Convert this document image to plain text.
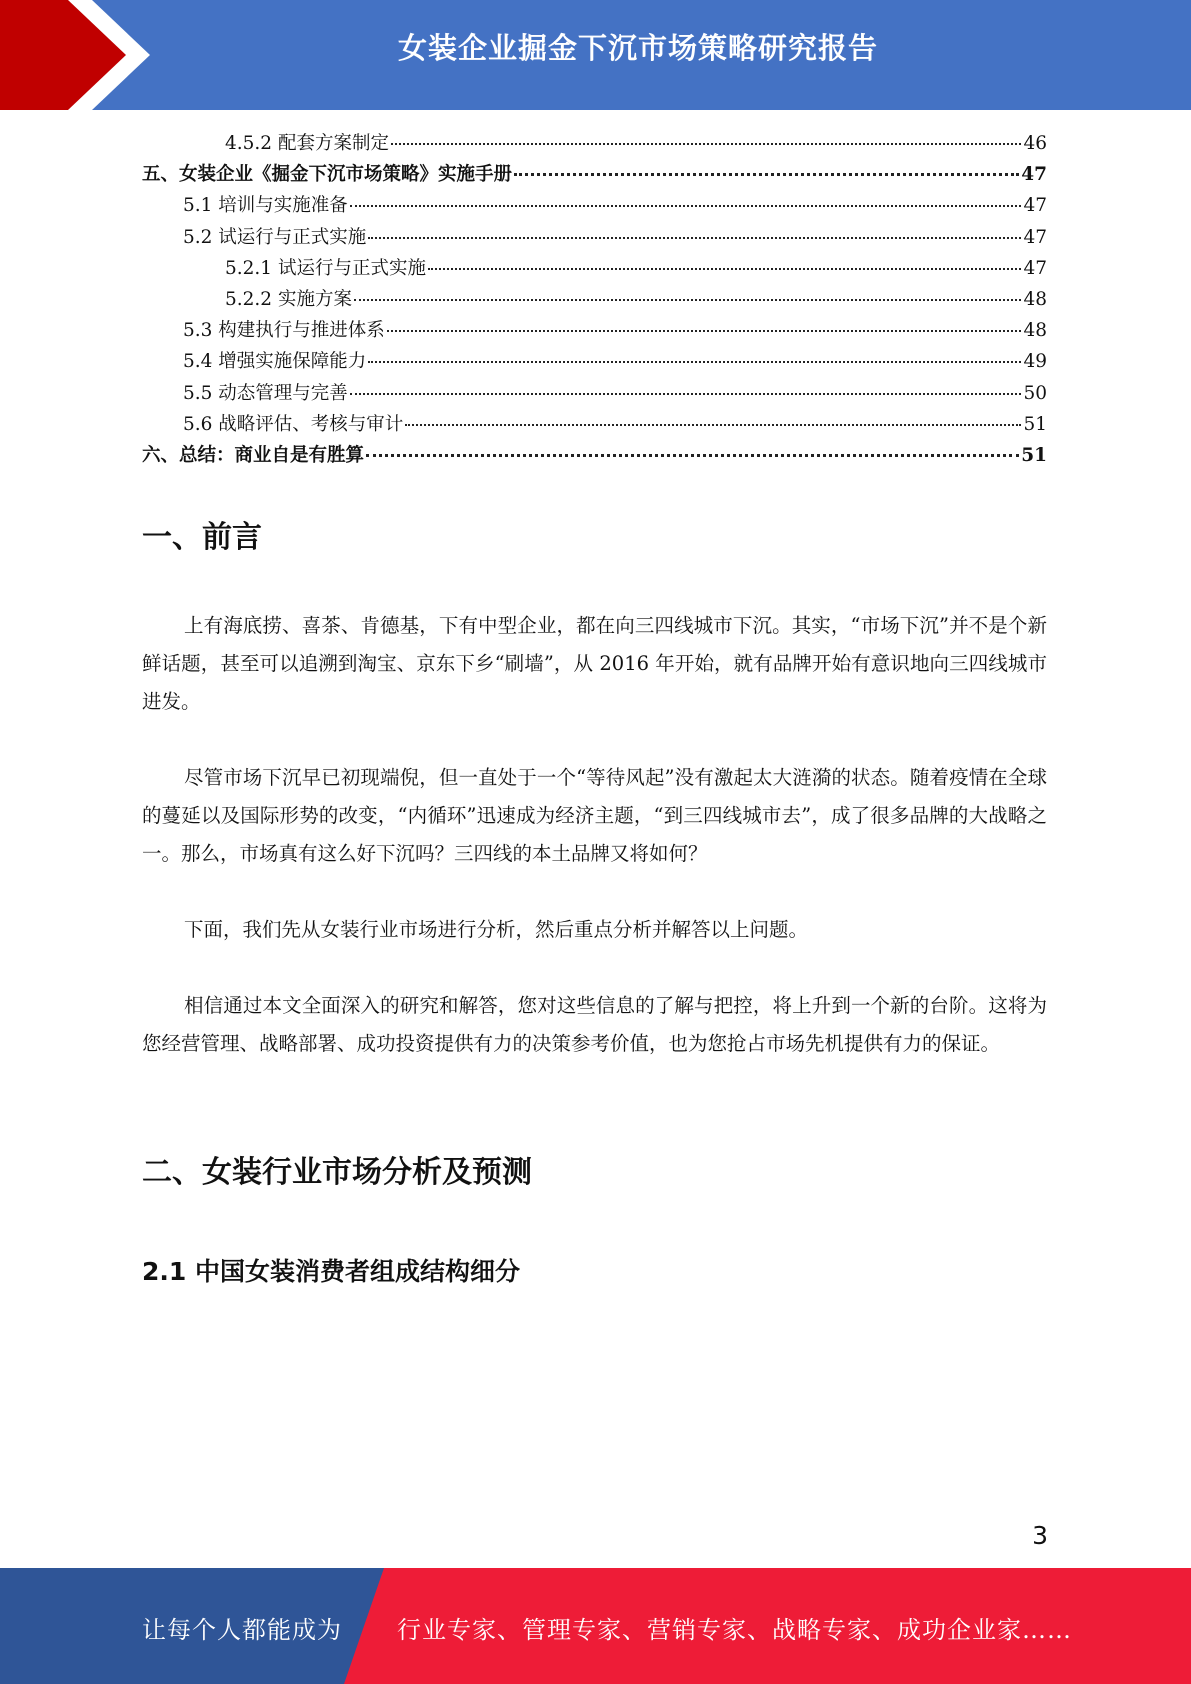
女装企业掘金下沉市场策略研究报告
4.5.2 配套方案制定	46
五、女装企业《掘金下沉市场策略》实施手册	47
5.1 培训与实施准备	47
5.2 试运行与正式实施	47
5.2.1 试运行与正式实施	47
5.2.2 实施方案	48
5.3 构建执行与推进体系	48
5.4 增强实施保障能力	49
5.5 动态管理与完善	50
5.6 战略评估、考核与审计	51
六、总结：商业自是有胜算	51
一、前言

上有海底捞、喜茶、肯德基，下有中型企业，都在向三四线城市下沉。其实，“市场下沉”并不是个新鲜话题，甚至可以追溯到淘宝、京东下乡“刷墙”，从 2016 年开始，就有品牌开始有意识地向三四线城市进发。

尽管市场下沉早已初现端倪，但一直处于一个“等待风起”没有激起太大涟漪的状态。随着疫情在全球的蔓延以及国际形势的改变，“内循环”迅速成为经济主题，“到三四线城市去”，成了很多品牌的大战略之一。那么，市场真有这么好下沉吗？三四线的本土品牌又将如何？

下面，我们先从女装行业市场进行分析，然后重点分析并解答以上问题。

相信通过本文全面深入的研究和解答，您对这些信息的了解与把控，将上升到一个新的台阶。这将为您经营管理、战略部署、成功投资提供有力的决策参考价值，也为您抢占市场先机提供有力的保证。

二、女装行业市场分析及预测
2.1 中国女装消费者组成结构细分
3
让每个人都能成为 行业专家、管理专家、营销专家、战略专家、成功企业家……
